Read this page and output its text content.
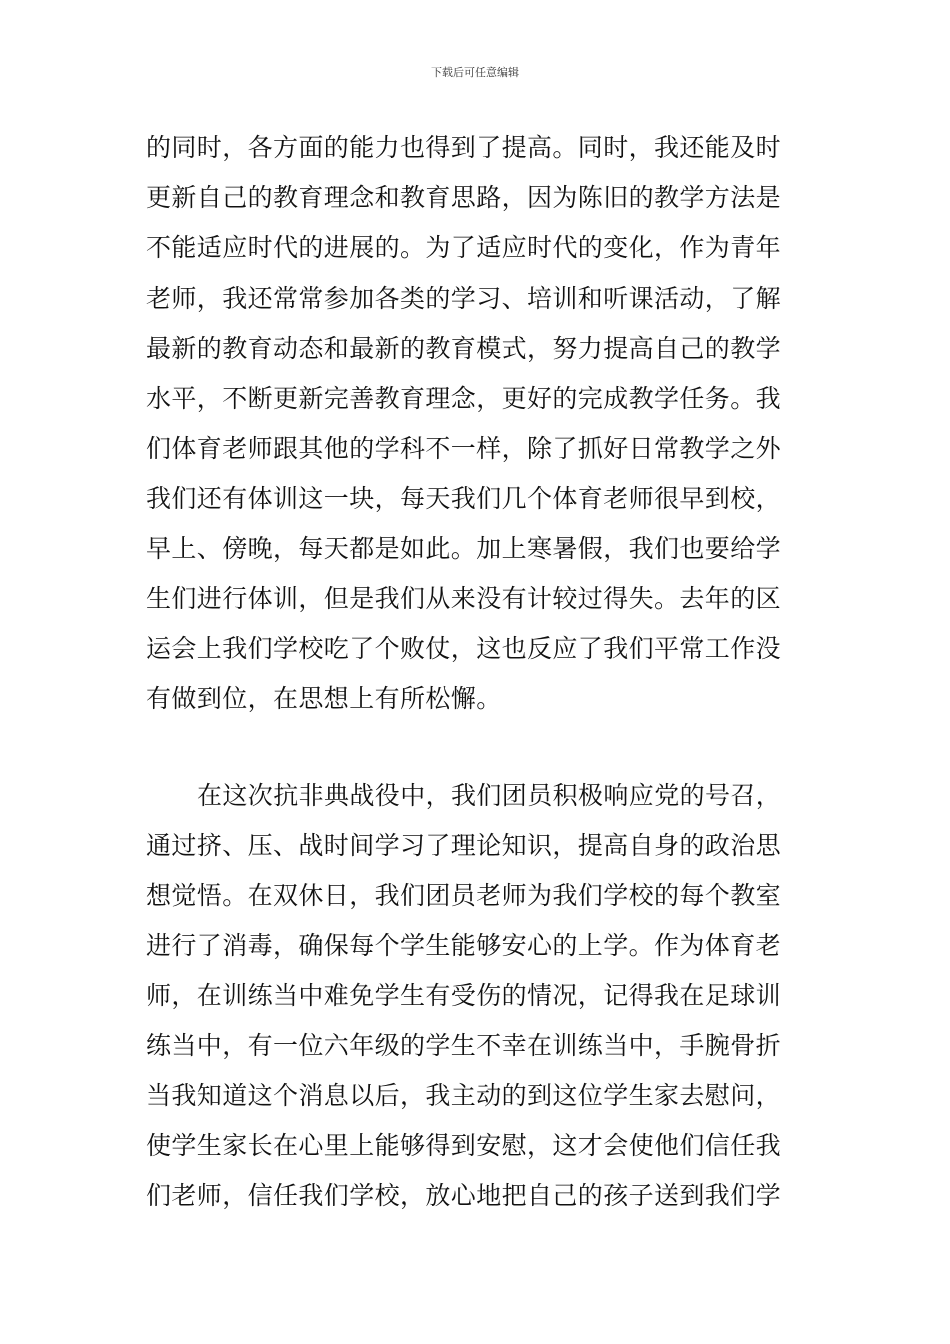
下载后可任意编辑
的同时，各方面的能力也得到了提高。同时，我还能及时
更新自己的教育理念和教育思路，因为陈旧的教学方法是
不能适应时代的进展的。为了适应时代的变化，作为青年
老师，我还常常参加各类的学习、培训和听课活动，了解
最新的教育动态和最新的教育模式，努力提高自己的教学
水平，不断更新完善教育理念，更好的完成教学任务。我
们体育老师跟其他的学科不一样，除了抓好日常教学之外
我们还有体训这一块，每天我们几个体育老师很早到校，
早上、傍晚，每天都是如此。加上寒暑假，我们也要给学
生们进行体训，但是我们从来没有计较过得失。去年的区
运会上我们学校吃了个败仗，这也反应了我们平常工作没
有做到位，在思想上有所松懈。
在这次抗非典战役中，我们团员积极响应党的号召，
通过挤、压、战时间学习了理论知识，提高自身的政治思
想觉悟。在双休日，我们团员老师为我们学校的每个教室
进行了消毒，确保每个学生能够安心的上学。作为体育老
师，在训练当中难免学生有受伤的情况，记得我在足球训
练当中，有一位六年级的学生不幸在训练当中，手腕骨折
当我知道这个消息以后，我主动的到这位学生家去慰问，
使学生家长在心里上能够得到安慰，这才会使他们信任我
们老师，信任我们学校，放心地把自己的孩子送到我们学
